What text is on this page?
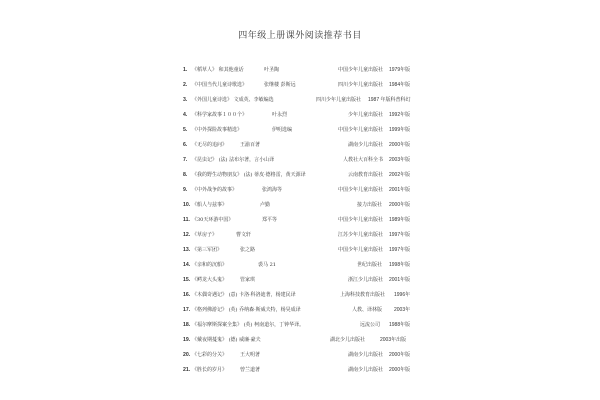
四年级上册课外阅读推荐书目
1. 《稻草人》 和其他童话	叶圣陶	中国少年儿童出版社 1979年版
2. 《中国当代儿童诗歌选》	张继楼 彭斯远	四川少年儿童出版社 1984年版
3. 《外国儿童诗选》 文成英、李敏编选	四川少年儿童出版社 1987 年版科普科幻
4. 《科学家故事１００个》	叶永烈	少年儿童出版社 1992年版
5. 《中外探险故事精选》	伊明选编	中国少年儿童出版社 1999年版
6. 《无尽的追问》	王渝百著	湖南少儿出版社 2000年版
7. 《昆虫记》 (法) 法布尔著，言小山译	人教社大百科全书 2003年版
8. 《我的野生动物朋友》 (法) 蒂皮·德格雷，黄天源译	云南教育出版社 2002年版
9. 《中外战争的故事》	张鸿海等	中国少年儿童出版社 2001年版
10. 《船人与兹事》	卢勤	接力出版社 2000年版
11. 《30天环游中国》	郑平等	中国少年儿童出版社 1989年版
12. 《草房子》	曹文轩	江苏少年儿童出版社 1997年版
13. 《第三军团》	张之路	中国少年儿童出版社 1997年版
14. 《亲和的沉船》	裘马 21	世纪出版社 1998年版
15. 《鳄龙大头鬼》	管家琪	浙江少儿出版社 2001年版
16. 《木偶奇遇记》 (意) 卡洛·科洛迪著，杨建民译	上海科技教育出版社 1996年
17. 《格列佛游记》 (英) 乔纳森·斯威夫特，杨昊成译	人教、译林版 2003年
18. 《福尔摩斯探案全集》 (英) 柯南道尔，丁钟华译。	远流公司 1988年版
19. 《戴夜期蔓鬼》 (德) 威廉·豪夫	湖北少儿出版社	2003年出版
20. 《七彩的分关》	王大明著	湖南少儿出版社 2000年版
21. 《胜长的岁月》	曾兰道著	湖南少儿出版社 2000年版
